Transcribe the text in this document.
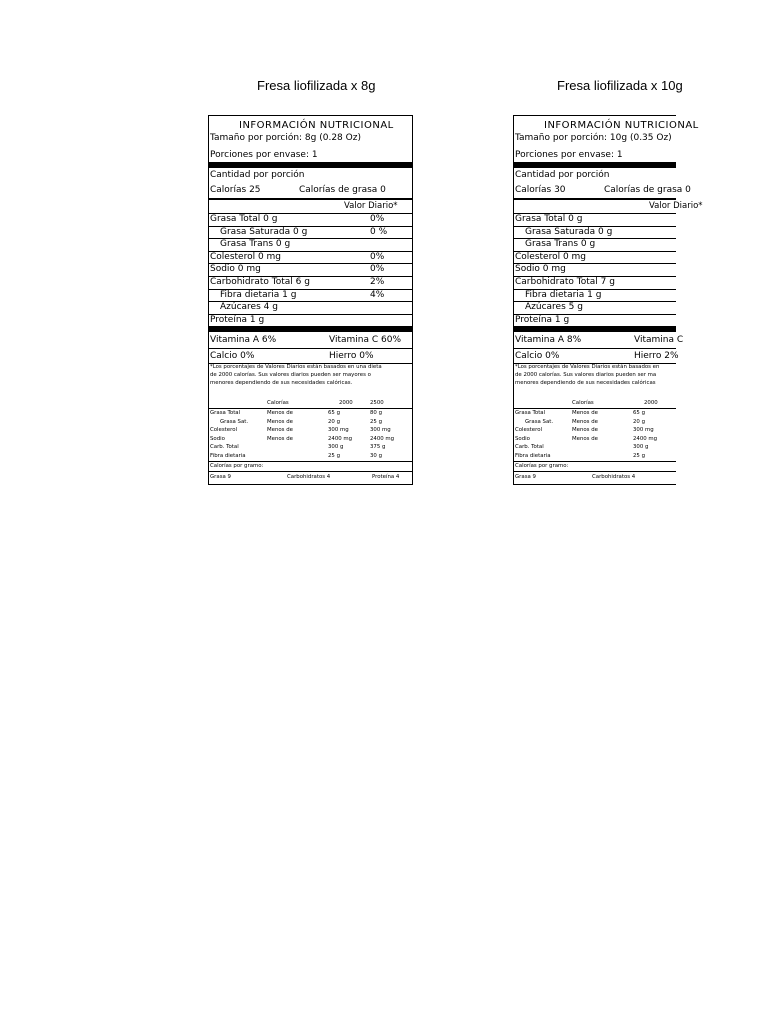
Fresa liofilizada x 8g
INFORMACIÓN NUTRICIONAL
Tamaño por porción: 8g (0.28 Oz)
Porciones por envase: 1
Cantidad por porción
Calorías 25	Calorías de grasa 0
Valor Diario*
Grasa Total 0 g	0%
Grasa Saturada 0 g	0 %
Grasa Trans 0 g
Colesterol 0 mg	0%
Sodio 0 mg	0%
Carbohidrato Total 6 g	2%
Fibra dietaria 1 g	4%
Azúcares 4 g
Proteína 1 g
Vitamina A 6%	Vitamina C 60%
Calcio 0%	Hierro 0%
*Los porcentajes de Valores Diarios están basados en una dieta
de 2000 calorías. Sus valores diarios pueden ser mayores o
menores dependiendo de sus necesidades calóricas.
Calorías	2000	2500
Grasa Total	Menos de	65 g	80 g
Grasa Sat.	Menos de	20 g	25 g
Colesterol	Menos de	300 mg	300 mg
Sodio	Menos de	2400 mg	2400 mg
Carb. Total	300 g	375 g
Fibra dietaria	25 g	30 g
Calorías por gramo:
Grasa 9	Carbohidratos 4	Proteína 4
Fresa liofilizada x 10g
INFORMACIÓN NUTRICIONAL
Tamaño por porción: 10g (0.35 Oz)
Porciones por envase: 1
Cantidad por porción
Calorías 30	Calorías de grasa 0
Valor Diario*
Grasa Total 0 g
Grasa Saturada 0 g
Grasa Trans 0 g
Colesterol 0 mg
Sodio 0 mg
Carbohidrato Total 7 g
Fibra dietaria 1 g
Azúcares 5 g
Proteína 1 g
Vitamina A 8%	Vitamina C
Calcio 0%	Hierro 2%
*Los porcentajes de Valores Diarios están basados en
de 2000 calorías. Sus valores diarios pueden ser ma
menores dependiendo de sus necesidades calóricas
Calorías	2000
Grasa Total	Menos de	65 g
Grasa Sat.	Menos de	20 g
Colesterol	Menos de	300 mg
Sodio	Menos de	2400 mg
Carb. Total	300 g
Fibra dietaria	25 g
Calorías por gramo:
Grasa 9	Carbohidratos 4
